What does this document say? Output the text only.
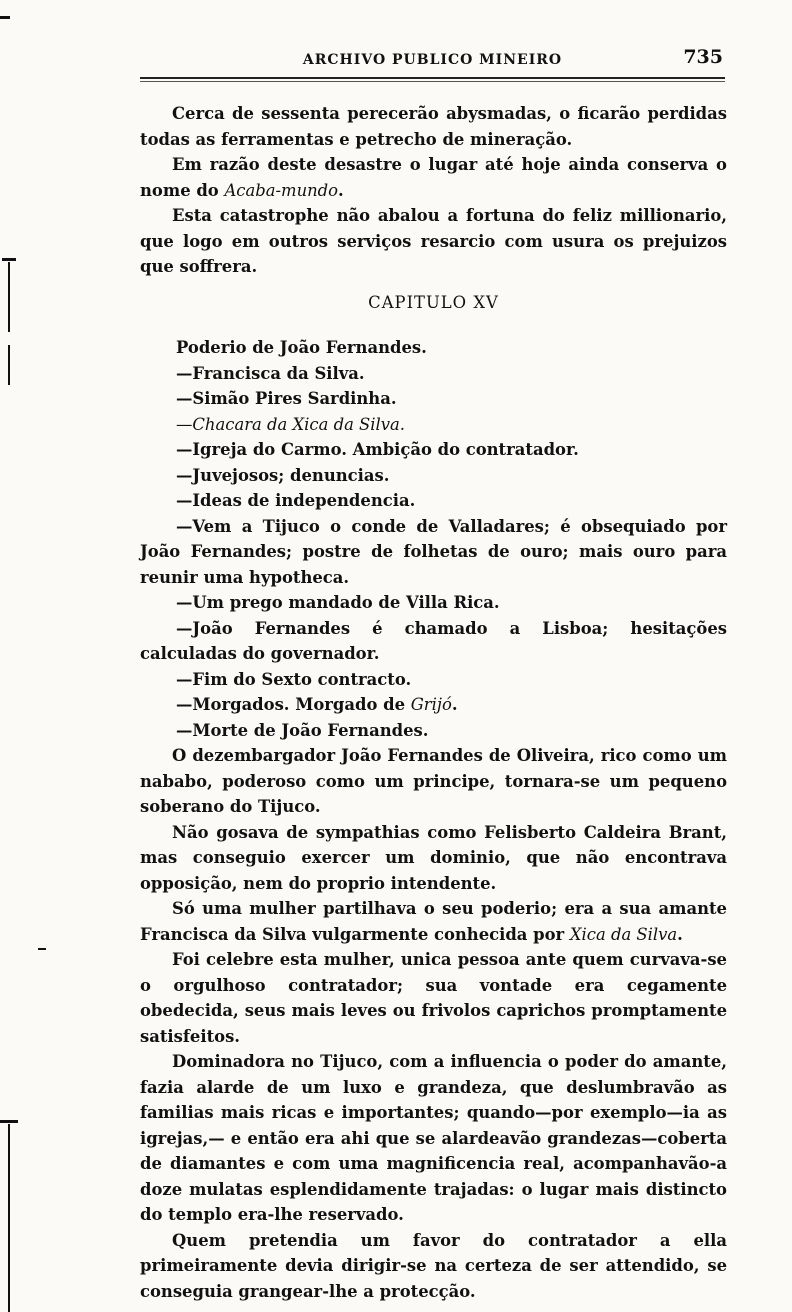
ARCHIVO PUBLICO MINEIRO	735

Cerca de sessenta perecerão abysmadas, o ficarão perdidas todas as ferramentas e petrecho de mineração.

Em razão deste desastre o lugar até hoje ainda conserva o nome do Acaba-mundo.

Esta catastrophe não abalou a fortuna do feliz millionario, que logo em outros serviços resarcio com usura os prejuizos que soffrera.

CAPITULO XV

Poderio de João Fernandes.

—Francisca da Silva.

—Simão Pires Sardinha.

—Chacara da Xica da Silva.

—Igreja do Carmo. Ambição do contratador.

—Juvejosos; denuncias.

—Ideas de independencia.

—Vem a Tijuco o conde de Valladares; é obsequiado por João Fernandes; postre de folhetas de ouro; mais ouro para reunir uma hypotheca.

—Um prego mandado de Villa Rica.

—João Fernandes é chamado a Lisboa; hesitações calculadas do governador.

—Fim do Sexto contracto.

—Morgados. Morgado de Grijó.

—Morte de João Fernandes.

O dezembargador João Fernandes de Oliveira, rico como um nababo, poderoso como um principe, tornara-se um pequeno soberano do Tijuco.

Não gosava de sympathias como Felisberto Caldeira Brant, mas conseguio exercer um dominio, que não encontrava opposição, nem do proprio intendente.

Só uma mulher partilhava o seu poderio; era a sua amante Francisca da Silva vulgarmente conhecida por Xica da Silva.

Foi celebre esta mulher, unica pessoa ante quem curvava-se o orgulhoso contratador; sua vontade era cegamente obedecida, seus mais leves ou frivolos caprichos promptamente satisfeitos.

Dominadora no Tijuco, com a influencia o poder do amante, fazia alarde de um luxo e grandeza, que deslumbravão as familias mais ricas e importantes; quando—por exemplo—ia as igrejas,— e então era ahi que se alardeavão grandezas—coberta de diamantes e com uma magnificencia real, acompanhavão-a doze mulatas esplendidamente trajadas: o lugar mais distincto do templo era-lhe reservado.

Quem pretendia um favor do contratador a ella primeiramente devia dirigir-se na certeza de ser attendido, se conseguia grangear-lhe a protecção.
